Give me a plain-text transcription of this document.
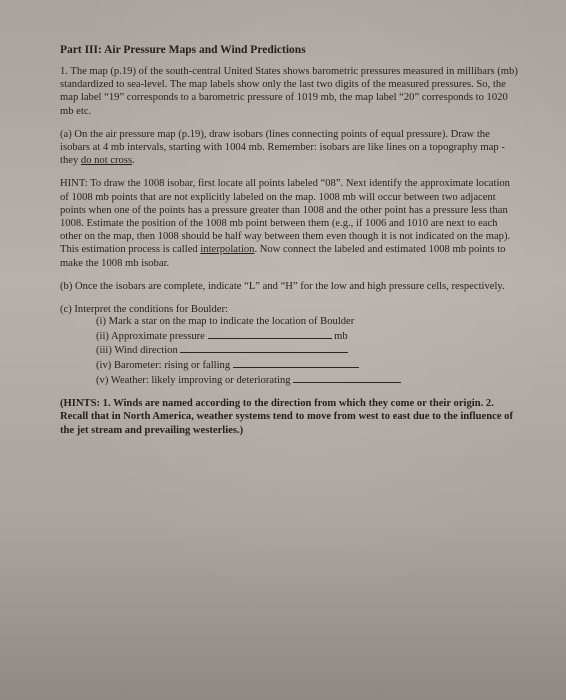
Part III: Air Pressure Maps and Wind Predictions

1. The map (p.19) of the south-central United States shows barometric pressures measured in millibars (mb) standardized to sea-level. The map labels show only the last two digits of the measured pressures. So, the map label “19” corresponds to a barometric pressure of 1019 mb, the map label “20” corresponds to 1020 mb etc.

(a) On the air pressure map (p.19), draw isobars (lines connecting points of equal pressure). Draw the isobars at 4 mb intervals, starting with 1004 mb. Remember: isobars are like lines on a topography map - they do not cross.

HINT: To draw the 1008 isobar, first locate all points labeled “08”. Next identify the approximate location of 1008 mb points that are not explicitly labeled on the map. 1008 mb will occur between two adjacent points when one of the points has a pressure greater than 1008 and the other point has a pressure less than 1008. Estimate the position of the 1008 mb point between them (e.g., if 1006 and 1010 are next to each other on the map, then 1008 should be half way between them even though it is not indicated on the map). This estimation process is called interpolation. Now connect the labeled and estimated 1008 mb points to make the 1008 mb isobar.

(b) Once the isobars are complete, indicate “L” and “H” for the low and high pressure cells, respectively.

(c) Interpret the conditions for Boulder:

(i) Mark a star on the map to indicate the location of Boulder
(ii) Approximate pressure	mb
(iii) Wind direction
(iv) Barometer: rising or falling
(v) Weather: likely improving or deteriorating

(HINTS: 1. Winds are named according to the direction from which they come or their origin. 2. Recall that in North America, weather systems tend to move from west to east due to the influence of the jet stream and prevailing westerlies.)
